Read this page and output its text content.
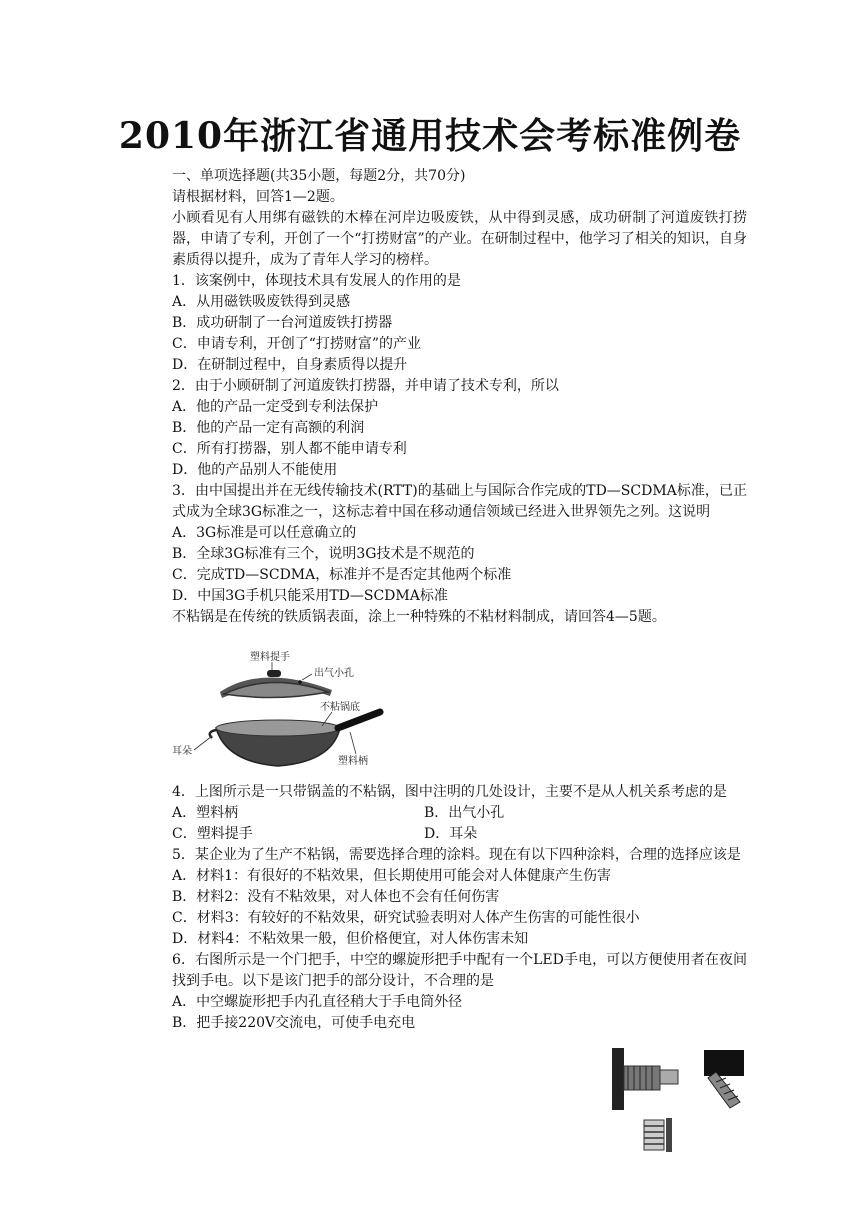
2010年浙江省通用技术会考标准例卷

一、单项选择题(共35小题，每题2分，共70分)

请根据材料，回答1—2题。

小顾看见有人用绑有磁铁的木棒在河岸边吸废铁，从中得到灵感，成功研制了河道废铁打捞器，申请了专利，开创了一个“打捞财富”的产业。在研制过程中，他学习了相关的知识，自身素质得以提升，成为了青年人学习的榜样。

1．该案例中，体现技术具有发展人的作用的是

A．从用磁铁吸废铁得到灵感

B．成功研制了一台河道废铁打捞器

C．申请专利，开创了“打捞财富”的产业

D．在研制过程中，自身素质得以提升

2．由于小顾研制了河道废铁打捞器，并申请了技术专利，所以

A．他的产品一定受到专利法保护

B．他的产品一定有高额的利润

C．所有打捞器，别人都不能申请专利

D．他的产品别人不能使用

3．由中国提出并在无线传输技术(RTT)的基础上与国际合作完成的TD—SCDMA标准，已正式成为全球3G标准之一，这标志着中国在移动通信领域已经进入世界领先之列。这说明

A．3G标准是可以任意确立的

B．全球3G标准有三个，说明3G技术是不规范的

C．完成TD—SCDMA，标准并不是否定其他两个标准

D．中国3G手机只能采用TD—SCDMA标准

不粘锅是在传统的铁质锅表面，涂上一种特殊的不粘材料制成，请回答4—5题。

塑料提手
出气小孔
不粘锅底
耳朵
塑料柄

4．上图所示是一只带锅盖的不粘锅，图中注明的几处设计，主要不是从人机关系考虑的是

A．塑料柄	B．出气小孔
C．塑料提手	D．耳朵

5．某企业为了生产不粘锅，需要选择合理的涂料。现在有以下四种涂料，合理的选择应该是

A．材料1：有很好的不粘效果，但长期使用可能会对人体健康产生伤害

B．材料2：没有不粘效果，对人体也不会有任何伤害

C．材料3：有较好的不粘效果，研究试验表明对人体产生伤害的可能性很小

D．材料4：不粘效果一般，但价格便宜，对人体伤害未知

6．右图所示是一个门把手，中空的螺旋形把手中配有一个LED手电，可以方便使用者在夜间找到手电。以下是该门把手的部分设计，不合理的是

A．中空螺旋形把手内孔直径稍大于手电筒外径

B．把手接220V交流电，可使手电充电
